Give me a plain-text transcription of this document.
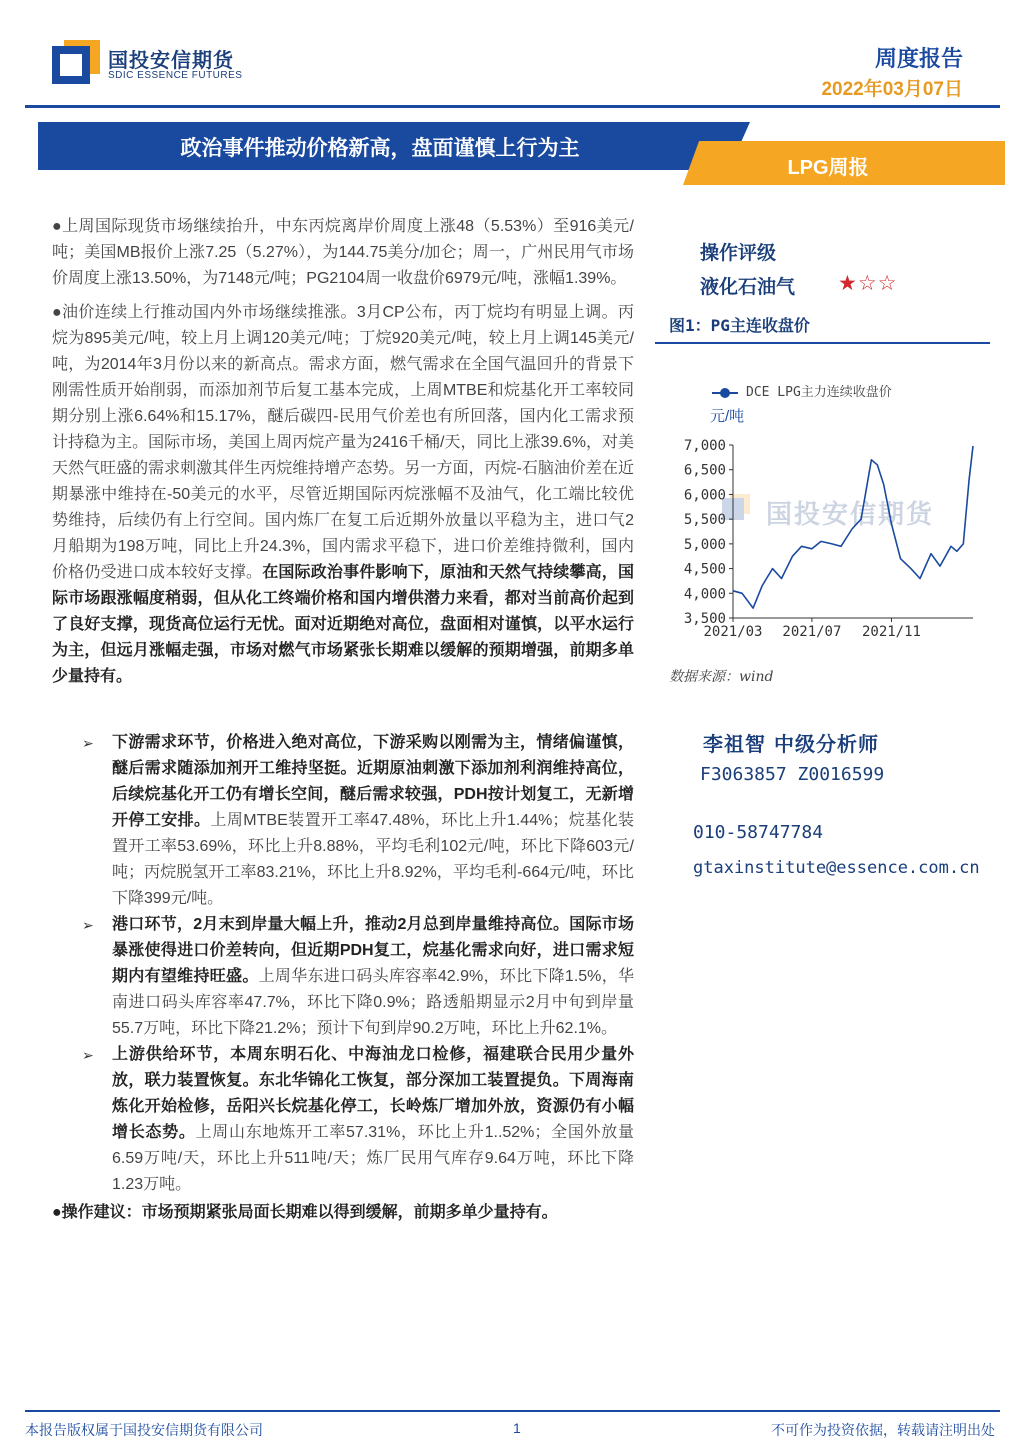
国投安信期货
SDIC ESSENCE FUTURES
周度报告
2022年03月07日
政治事件推动价格新高，盘面谨慎上行为主
LPG周报

●上周国际现货市场继续抬升，中东丙烷离岸价周度上涨48（5.53%）至916美元/吨；美国MB报价上涨7.25（5.27%），为144.75美分/加仑；周一，广州民用气市场价周度上涨13.50%，为7148元/吨；PG2104周一收盘价6979元/吨，涨幅1.39%。

●油价连续上行推动国内外市场继续推涨。3月CP公布，丙丁烷均有明显上调。丙烷为895美元/吨，较上月上调120美元/吨；丁烷920美元/吨，较上月上调145美元/吨，为2014年3月份以来的新高点。需求方面，燃气需求在全国气温回升的背景下刚需性质开始削弱，而添加剂节后复工基本完成，上周MTBE和烷基化开工率较同期分别上涨6.64%和15.17%，醚后碳四-民用气价差也有所回落，国内化工需求预计持稳为主。国际市场，美国上周丙烷产量为2416千桶/天，同比上涨39.6%，对美天然气旺盛的需求刺激其伴生丙烷维持增产态势。另一方面，丙烷-石脑油价差在近期暴涨中维持在-50美元的水平，尽管近期国际丙烷涨幅不及油气，化工端比较优势维持，后续仍有上行空间。国内炼厂在复工后近期外放量以平稳为主，进口气2月船期为198万吨，同比上升24.3%，国内需求平稳下，进口价差维持微利，国内价格仍受进口成本较好支撑。在国际政治事件影响下，原油和天然气持续攀高，国际市场跟涨幅度稍弱，但从化工终端价格和国内增供潜力来看，都对当前高价起到了良好支撑，现货高位运行无忧。面对近期绝对高位，盘面相对谨慎，以平水运行为主，但远月涨幅走强，市场对燃气市场紧张长期难以缓解的预期增强，前期多单少量持有。

➢ 下游需求环节，价格进入绝对高位，下游采购以刚需为主，情绪偏谨慎，醚后需求随添加剂开工维持坚挺。近期原油刺激下添加剂利润维持高位，后续烷基化开工仍有增长空间，醚后需求较强，PDH按计划复工，无新增开停工安排。上周MTBE装置开工率47.48%，环比上升1.44%；烷基化装置开工率53.69%，环比上升8.88%，平均毛利102元/吨，环比下降603元/吨；丙烷脱氢开工率83.21%，环比上升8.92%，平均毛利-664元/吨，环比下降399元/吨。
➢ 港口环节，2月末到岸量大幅上升，推动2月总到岸量维持高位。国际市场暴涨使得进口价差转向，但近期PDH复工，烷基化需求向好，进口需求短期内有望维持旺盛。上周华东进口码头库容率42.9%，环比下降1.5%，华南进口码头库容率47.7%，环比下降0.9%；路透船期显示2月中旬到岸量55.7万吨，环比下降21.2%；预计下旬到岸90.2万吨，环比上升62.1%。
➢ 上游供给环节，本周东明石化、中海油龙口检修，福建联合民用少量外放，联力装置恢复。东北华锦化工恢复，部分深加工装置提负。下周海南炼化开始检修，岳阳兴长烷基化停工，长岭炼厂增加外放，资源仍有小幅增长态势。上周山东地炼开工率57.31%，环比上升1..52%；全国外放量6.59万吨/天，环比上升511吨/天；炼厂民用气库存9.64万吨，环比下降1.23万吨。

●操作建议：市场预期紧张局面长期难以得到缓解，前期多单少量持有。

操作评级
液化石油气 ★☆☆
图1：PG主连收盘价
DCE LPG主力连续收盘价
元/吨
国投安信期货
3,500
4,000
4,500
5,000
5,500
6,000
6,500
7,000
2021/03 2021/07 2021/11
数据来源：wind
李祖智 中级分析师
F3063857 Z0016599
010-58747784
gtaxinstitute@essence.com.cn
本报告版权属于国投安信期货有限公司	1	不可作为投资依据，转载请注明出处
